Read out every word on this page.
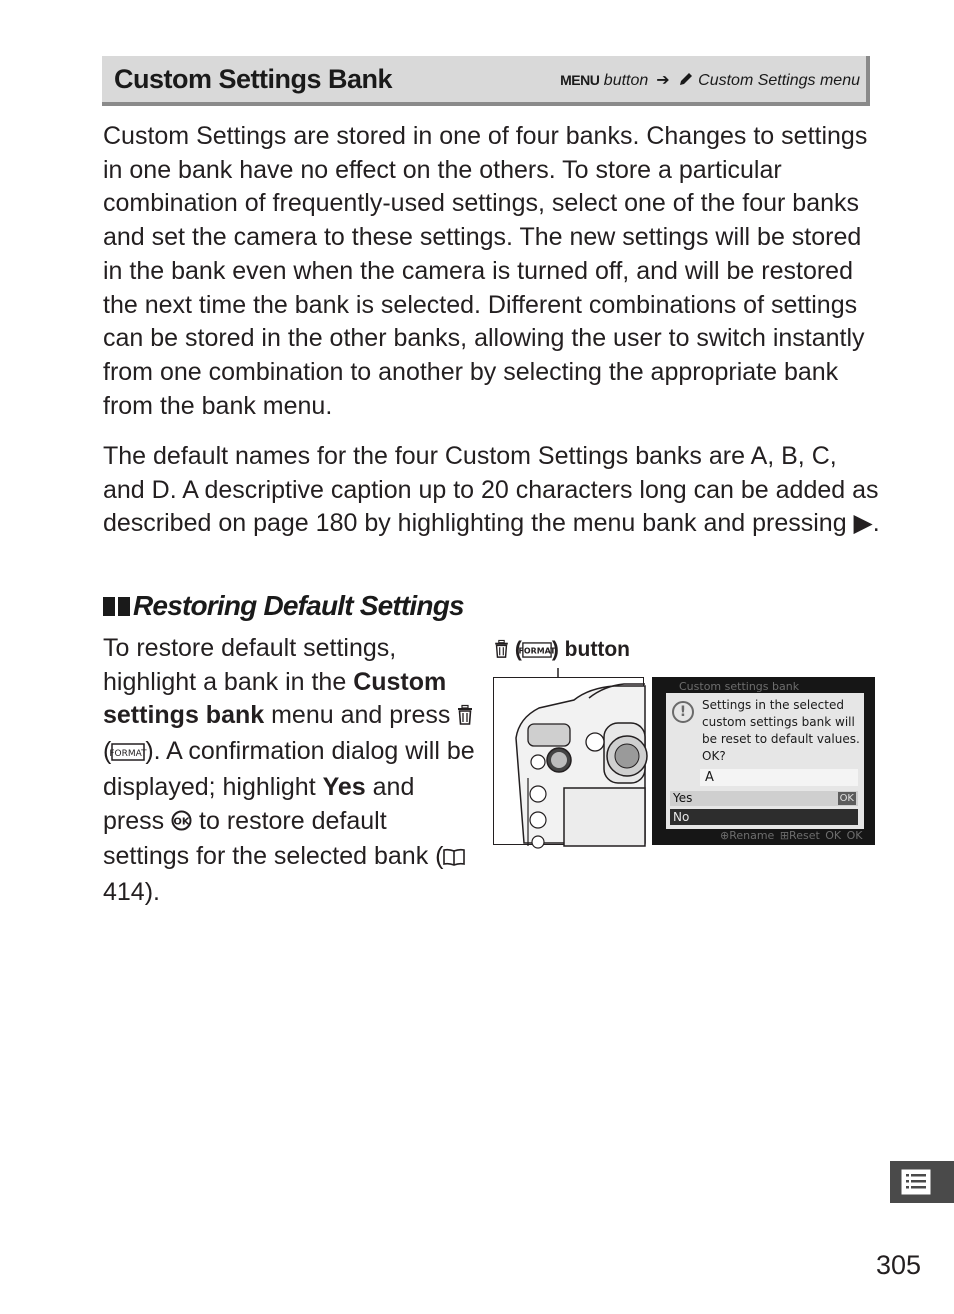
Custom Settings Bank	MENU button ➔ Custom Settings menu
Custom Settings are stored in one of four banks. Changes to settings in one bank have no effect on the others. To store a particular combination of frequently-used settings, select one of the four banks and set the camera to these settings. The new settings will be stored in the bank even when the camera is turned off, and will be restored the next time the bank is selected. Different combinations of settings can be stored in the other banks, allowing the user to switch instantly from one combination to another by selecting the appropriate bank from the bank menu.
The default names for the four Custom Settings banks are A, B, C, and D. A descriptive caption up to 20 characters long can be added as described on page 180 by highlighting the menu bank and pressing ▶.
Restoring Default Settings
To restore default settings, highlight a bank in the Custom settings bank menu and press  (
FORMAT
). A confirmation dialog will be displayed; highlight Yes and press OK to restore default settings for the selected bank ( 414).
(
FORMAT
) button
Custom settings bank
!	Settings in the selected custom settings bank will be reset to default values. OK?
A
Yes	OK
No
⊕Rename ⊞Reset OK OK
305
